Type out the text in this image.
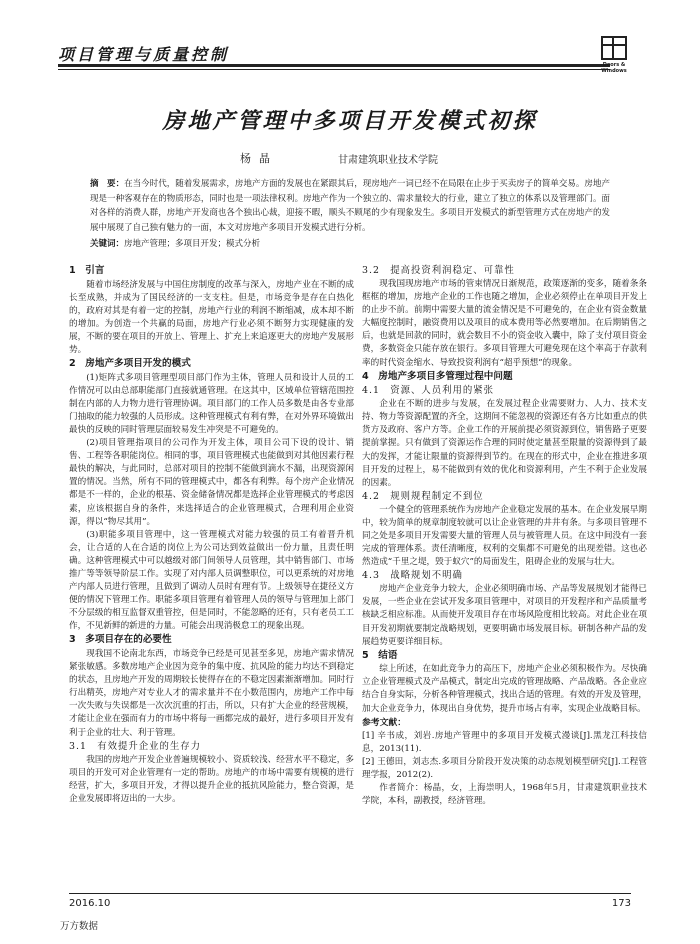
项目管理与质量控制
Doors & Windows
房地产管理中多项目开发模式初探
杨晶	甘肃建筑职业技术学院
摘　要：在当今时代，随着发展需求，房地产方面的发展也在紧跟其后，现房地产一词已经不在局限在止步于买卖房子的简单交易。房地产现是一种客观存在的物质形态，同时也是一项法律权利。房地产作为一个独立的、需求量较大的行业，建立了独立的体系以及管理部门。面对各样的消费人群，房地产开发商也各个独出心裁，迎接不暇，顺头不顾尾的少有现象发生。多项目开发模式的新型管理方式在房地产的发展中展现了自己独有魅力的一面，本文对房地产多项目开发模式进行分析。
关键词：房地产管理；多项目开发；模式分析
1　引言

随着市场经济发展与中国住房制度的改革与深入，房地产业在不断的成长至成熟，并成为了国民经济的一支支柱。但是，市场竞争是存在白热化的，政府对其是有着一定的控制，房地产行业的利润不断缩减，成本却不断的增加。为创造一个共赢的局面，房地产行业必须不断努力实现健康的发展，不断的要在项目的开放上、管理上、扩充上来追逐更大的房地产发展形势。

2　房地产多项目开发的模式

(1)矩阵式多项目管理型项目部门作为主体，管理人员和设计人员的工作情况可以由总部职能部门直接就通管理。在这其中，区域单位管辖范围控制在内部的人力物力进行管理协调。项目部门的工作人员多数是由各专业部门抽取的能力较强的人员形成。这种管理模式有利有弊，在对外界环境做出最快的反映的同时管理层面较易发生冲突是不可避免的。

(2)项目管理指项目的公司作为开发主体，项目公司下设的设计、销售、工程等各职能岗位。相同的事，项目管理模式也能做到对其他因素行程最快的解决，与此同时，总部对项目的控制不能做到滴水不漏，出现资源闲置的情况。当然，所有不同的管理模式中，都各有利弊。每个房产企业情况都是不一样的，企业的根基、资金储备情况都是选择企业管理模式的考虑因素，应该根据自身的条件，来选择适合的企业管理模式，合理利用企业资源，得以“物尽其用”。

(3)职能多项目管理中，这一管理模式对能力较强的员工有着晋升机会，让合适的人在合适的岗位上为公司达到效益做出一份力量，且责任明确。这种管理模式中可以越级对部门间领导人员管理，其中销售部门、市场推广等等领导阶层工作。实现了对内部人员调整职位，可以更系统的对房地产内部人员进行管理，且做到了调动人员时有理有节。上级领导在捷径义方便的情况下管理工作。职能多项目管理有着管理人员的领导与管理加上部门不分层级的相互监督双重管控，但是同时，不能忽略的还有，只有老员工工作，不见新鲜的新进的力量。可能会出现消极怠工的现象出现。

3　多项目存在的必要性

现我国不论南北东西，市场竞争已经是可见甚至多见，房地产需求情况紧张敏感。多数房地产企业因为竞争的集中度、抗风险的能力均达不到稳定的状态，且房地产开发的周期较长使得存在的不稳定因素渐渐增加。同时行行出精英，房地产对专业人才的需求量并不在小数范围内，房地产工作中每一次失败与失误都是一次次沉重的打击，所以，只有扩大企业的经营规模，才能让企业在强而有力的市场中将每一画都完成的最好，进行多项目开发有利于企业的壮大、利于管理。

3.1　有效提升企业的生存力

我国的房地产开发企业普遍规模较小、资质较浅、经营水平不稳定，多项目的开发可对企业管理有一定的帮助。房地产的市场中需要有规模的进行经营，扩大，多项目开发，才得以提升企业的抵抗风险能力，整合资源，是企业发展即将迈出的一大步。

3.2　提高投资利润稳定、可靠性

现我国现房地产市场的管束情况日渐规范，政策逐渐的变多，随着条条框框的增加，房地产企业的工作也随之增加，企业必须停止在单项目开发上的止步不前。前期中需要大量的流金情况是不可避免的，在企业有资金数量大幅度控制时，融资费用以及项目的成本费用等必然要增加。在后期销售之后，也就是回款的同时，就会数目不小的资金收入囊中，除了支付项目资金费，多数资金只能存放在银行。多项目管理大可避免现在这个率高于存款利率的时代资金缩水、导致投资利润有“超乎预想”的现象。

4　房地产多项目多管理过程中问题
4.1　资源、人员利用的紧张

企业在不断的进步与发展，在发展过程企业需要财力、人力、技术支持、物力等资源配置的齐全，这期间不能忽视的资源还有各方比如重点的供货方及政府、客户方等。企业工作的开展前提必须资源到位，销售路子更要提前掌握。只有做到了资源运作合理的同时使定量甚至限量的资源得到了最大的发挥，才能让限量的资源得到节约。在现在的形式中，企业在推进多项目开发的过程上，易不能做到有效的优化和资源利用，产生不利于企业发展的因素。

4.2　规则规程制定不到位

一个健全的管理系统作为房地产企业稳定发展的基本。在企业发展早期中，较为简单的规章制度较就可以让企业管理的井井有条。与多项目管理不同之处是多项目开发需要大量的管理人员与被管理人员。在这中间没有一套完成的管理体系。责任清晰度，权利的交集都不可避免的出现差错。这也必然造成“千里之堤，毁于蚁穴”的局面发生，阻碍企业的发展与壮大。

4.3　战略规划不明确

房地产企业竞争力较大，企业必须明确市场、产品等发展规划才能得已发展，一些企业在尝试开发多项目管理中，对项目的开发程序和产品质量考核缺乏相应标准。从而使开发项目存在市场风险度相比较高。对此企业在项目开发初期就要制定战略规划，更要明确市场发展目标。研制各种产品的发展趋势更要详细目标。

5　结语

综上所述，在如此竞争力的高压下，房地产企业必须积极作为。尽快确立企业管理模式及产品模式，制定出完成的管理战略、产品战略。各企业应结合自身实际，分析各种管理模式，找出合适的管理。有效的开发及管理，加大企业竞争力，体现出自身优势，提升市场占有率，实现企业战略目标。

参考文献：

[1] 辛书成，刘岩.房地产管理中的多项目开发模式漫谈[J].黑龙江科技信息，2013(11).

[2] 王德田，刘志杰.多项目分阶段开发决策的动态规划模型研究[J].工程管理学报，2012(2).

作者简介：杨晶，女，上海崇明人，1968年5月，甘肃建筑职业技术学院，本科，副教授，经济管理。

2016.10	173
万方数据
